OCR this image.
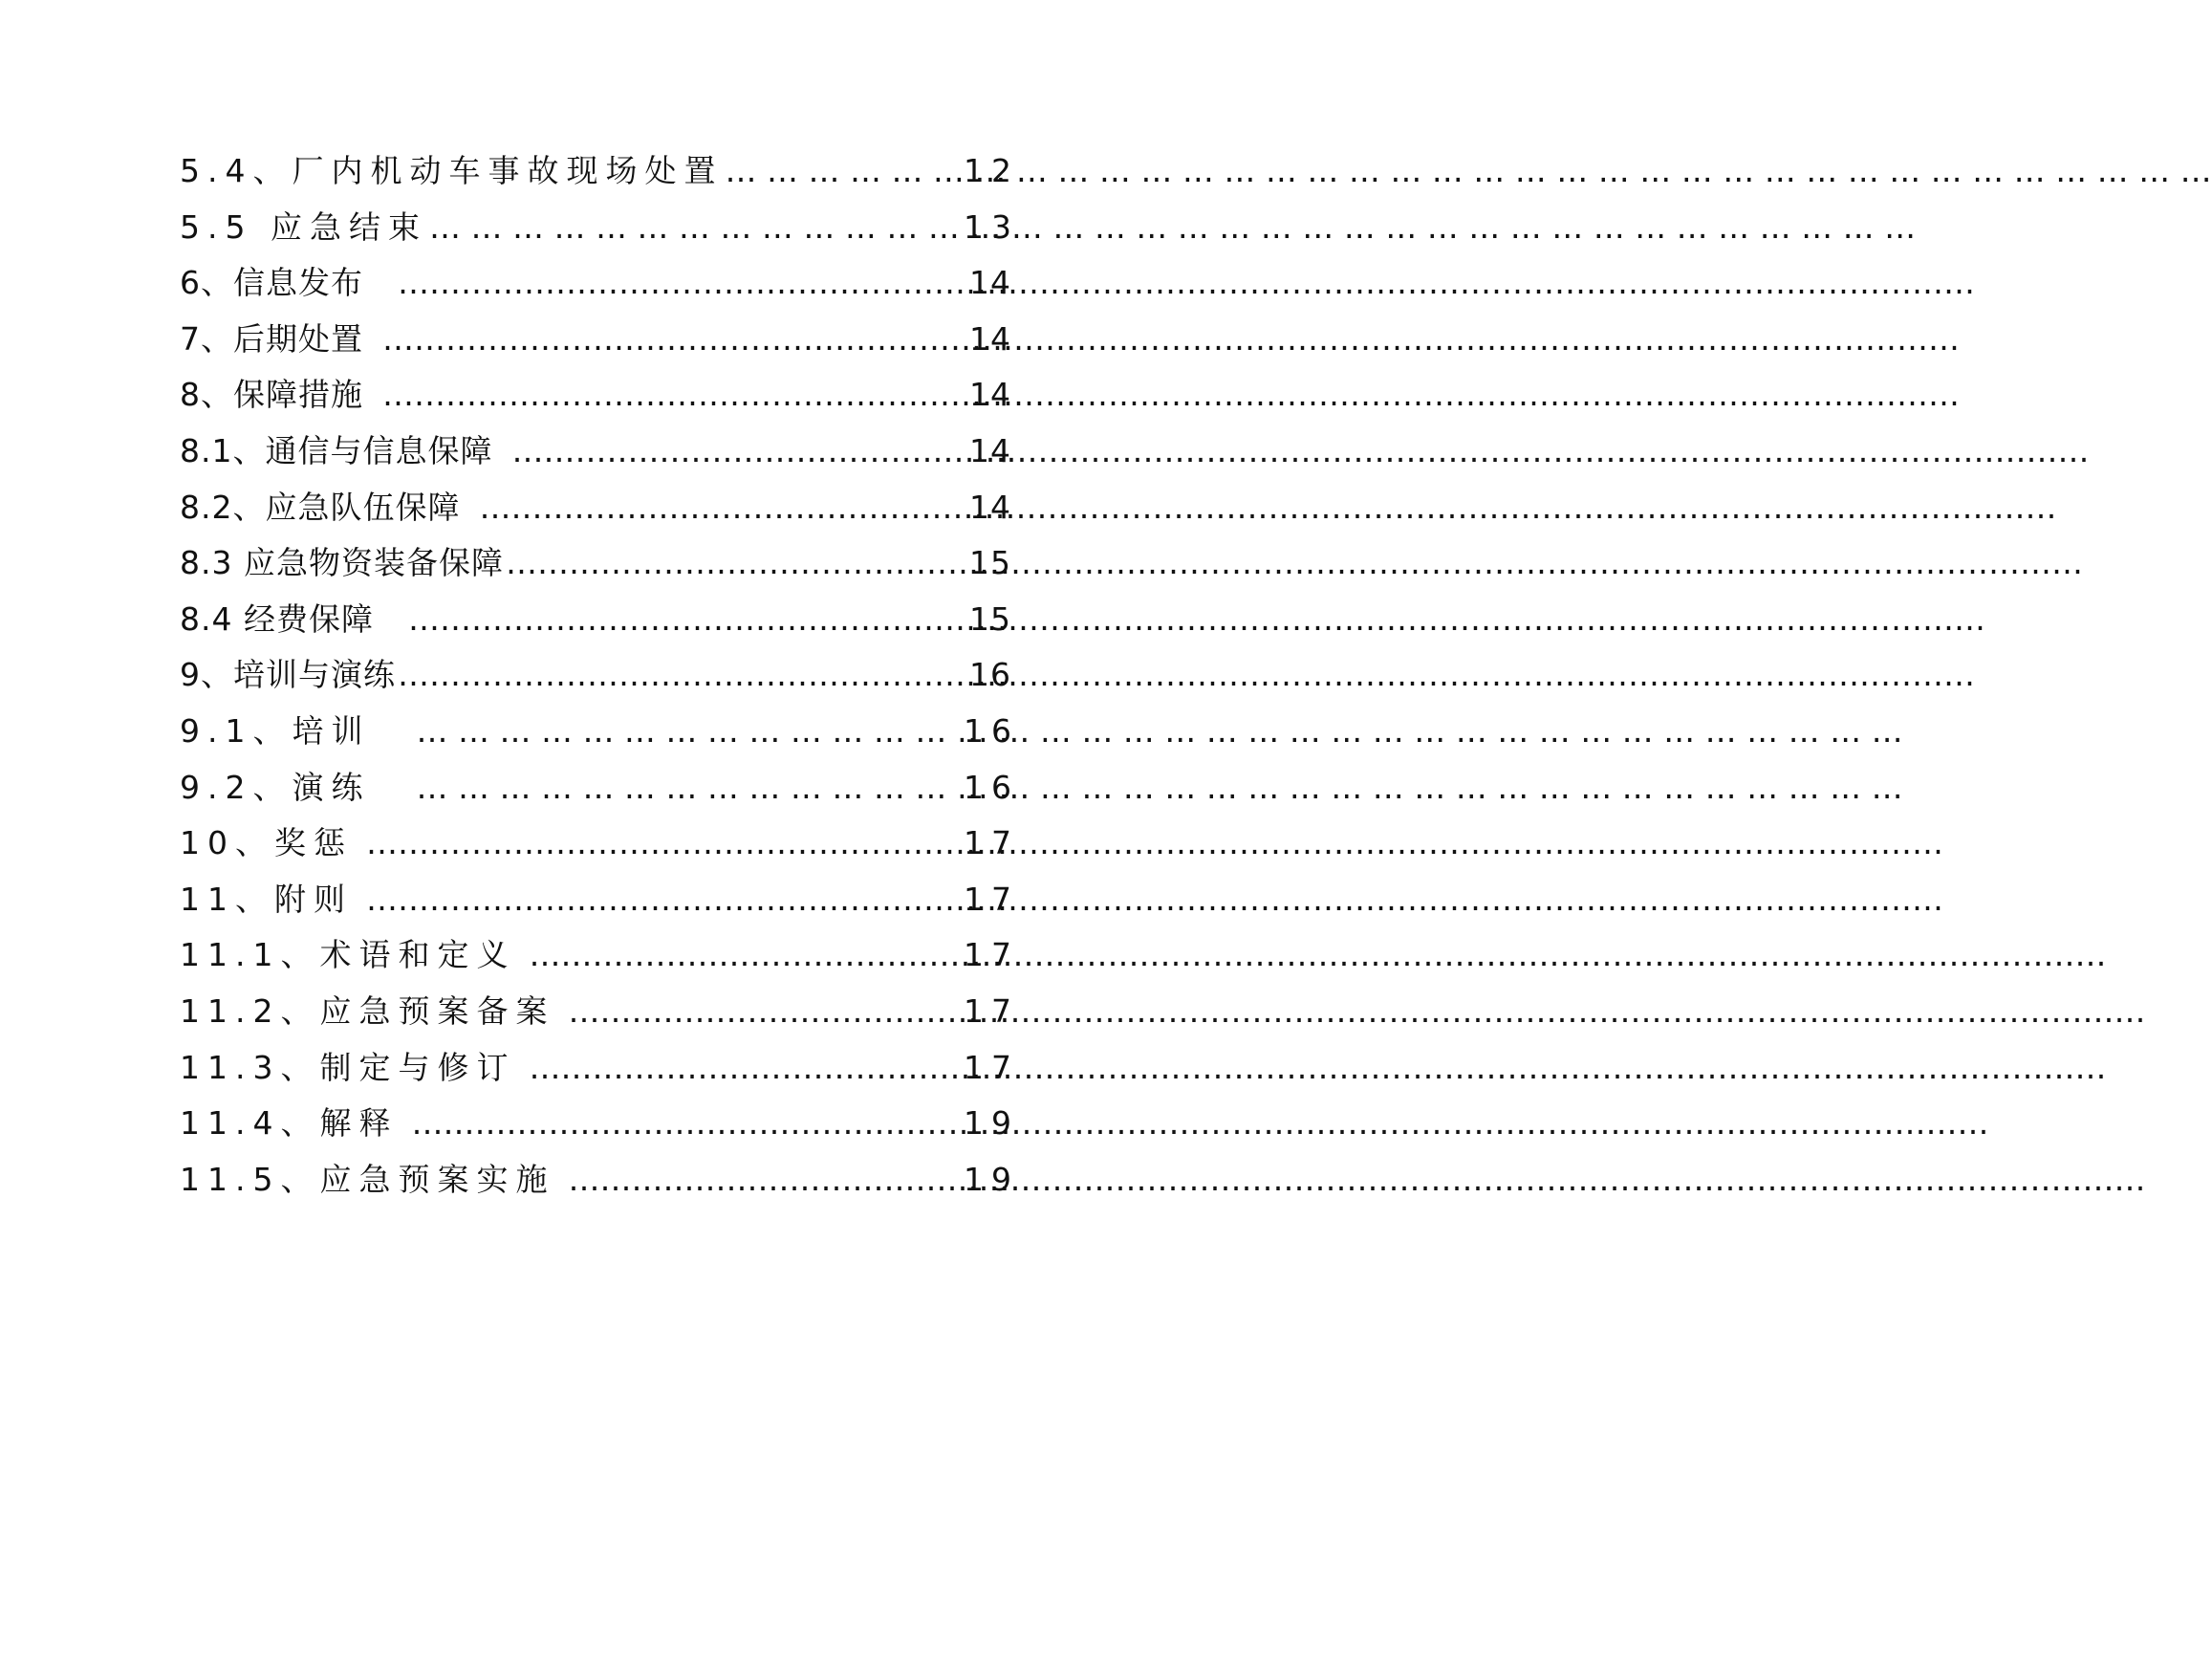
5.4、厂内机动车事故现场处置 … … … … … … … … … … … … … … … … … … … … … … … … … … … … … … … … … … … …	12
5.5 应急结束 … … … … … … … … … … … … … … … … … … … … … … … … … … … … … … … … … … … …	13
6、信息发布 ……………………………………………………………………………………………………………………………………	14
7、后期处置 ……………………………………………………………………………………………………………………………………	14
8、保障措施 ……………………………………………………………………………………………………………………………………	14
8.1、通信与信息保障 ……………………………………………………………………………………………………………………………………	14
8.2、应急队伍保障 ……………………………………………………………………………………………………………………………………	14
8.3 应急物资装备保障 ……………………………………………………………………………………………………………………………………	15
8.4 经费保障 ……………………………………………………………………………………………………………………………………	15
9、培训与演练 ……………………………………………………………………………………………………………………………………	16
9.1、培训 … … … … … … … … … … … … … … … … … … … … … … … … … … … … … … … … … … … …	16
9.2、演练 … … … … … … … … … … … … … … … … … … … … … … … … … … … … … … … … … … … …	16
10、奖惩 ……………………………………………………………………………………………………………………………………	17
11、附则 ……………………………………………………………………………………………………………………………………	17
11.1、术语和定义 ……………………………………………………………………………………………………………………………………	17
11.2、应急预案备案 ……………………………………………………………………………………………………………………………………	17
11.3、制定与修订 ……………………………………………………………………………………………………………………………………	17
11.4、解释 ……………………………………………………………………………………………………………………………………	19
11.5、应急预案实施 ……………………………………………………………………………………………………………………………………	19
